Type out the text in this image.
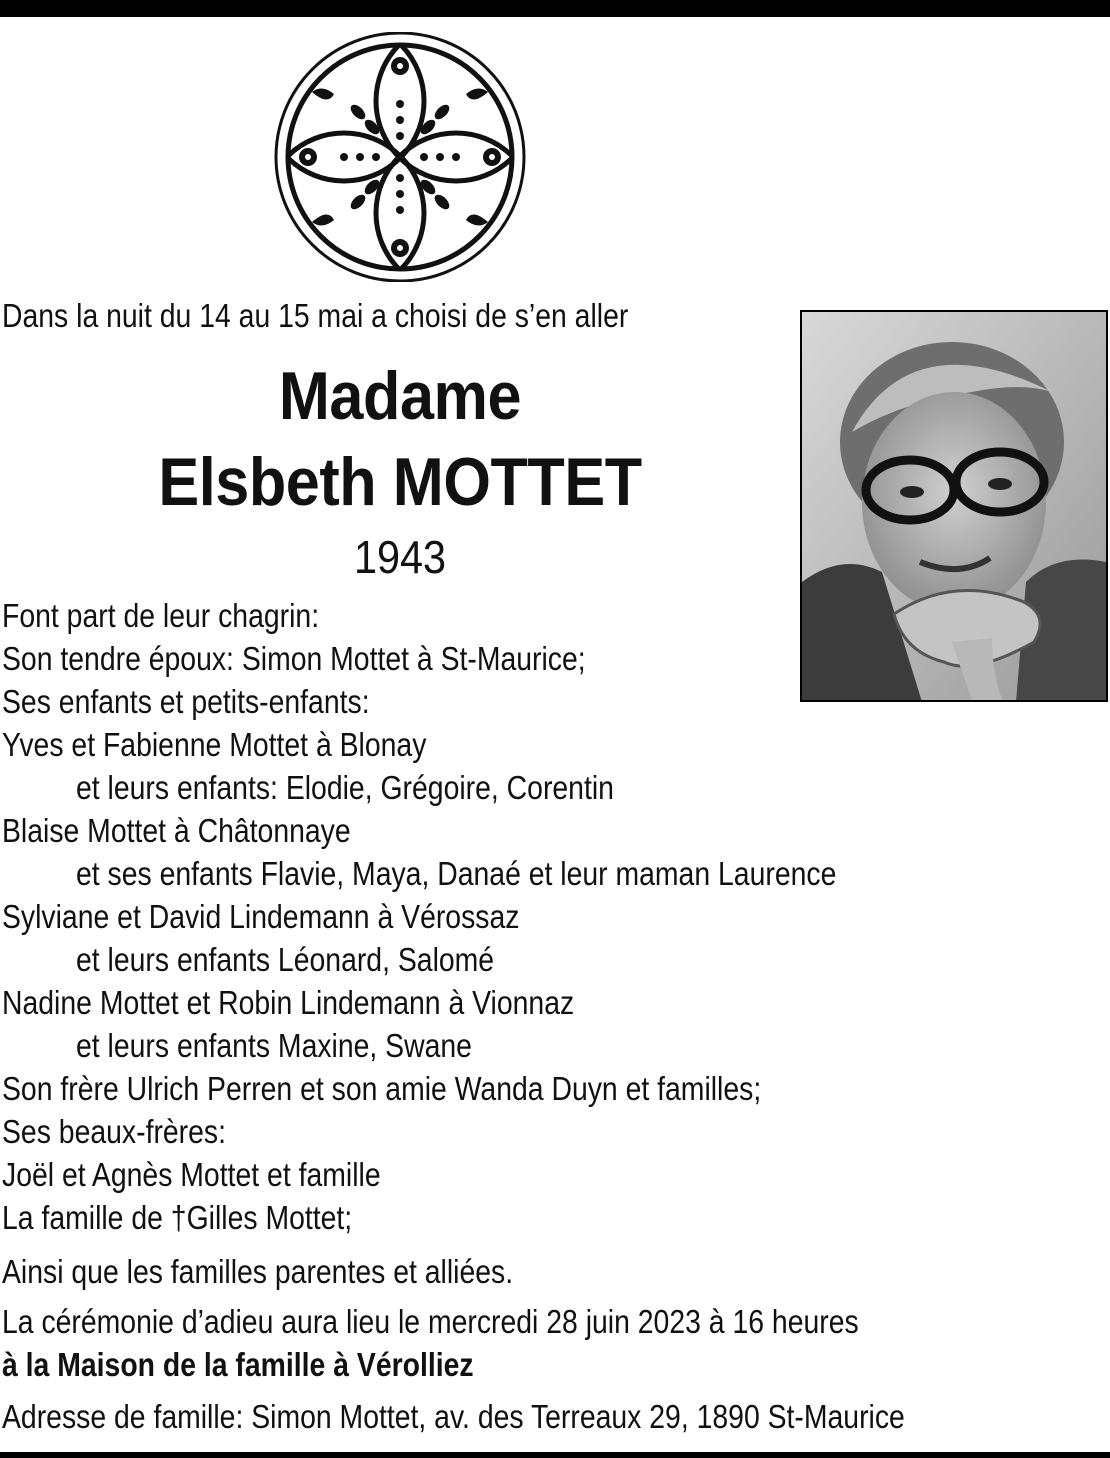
Dans la nuit du 14 au 15 mai a choisi de s’en aller
Madame
Elsbeth MOTTET
1943
Font part de leur chagrin:
Son tendre époux: Simon Mottet à St-Maurice;
Ses enfants et petits-enfants:
Yves et Fabienne Mottet à Blonay
et leurs enfants: Elodie, Grégoire, Corentin
Blaise Mottet à Châtonnaye
et ses enfants Flavie, Maya, Danaé et leur maman Laurence
Sylviane et David Lindemann à Vérossaz
et leurs enfants Léonard, Salomé
Nadine Mottet et Robin Lindemann à Vionnaz
et leurs enfants Maxine, Swane
Son frère Ulrich Perren et son amie Wanda Duyn et familles;
Ses beaux-frères:
Joël et Agnès Mottet et famille
La famille de †Gilles Mottet;
Ainsi que les familles parentes et alliées.
La cérémonie d’adieu aura lieu le mercredi 28 juin 2023 à 16 heures
à la Maison de la famille à Vérolliez
Adresse de famille: Simon Mottet, av. des Terreaux 29, 1890 St-Maurice
